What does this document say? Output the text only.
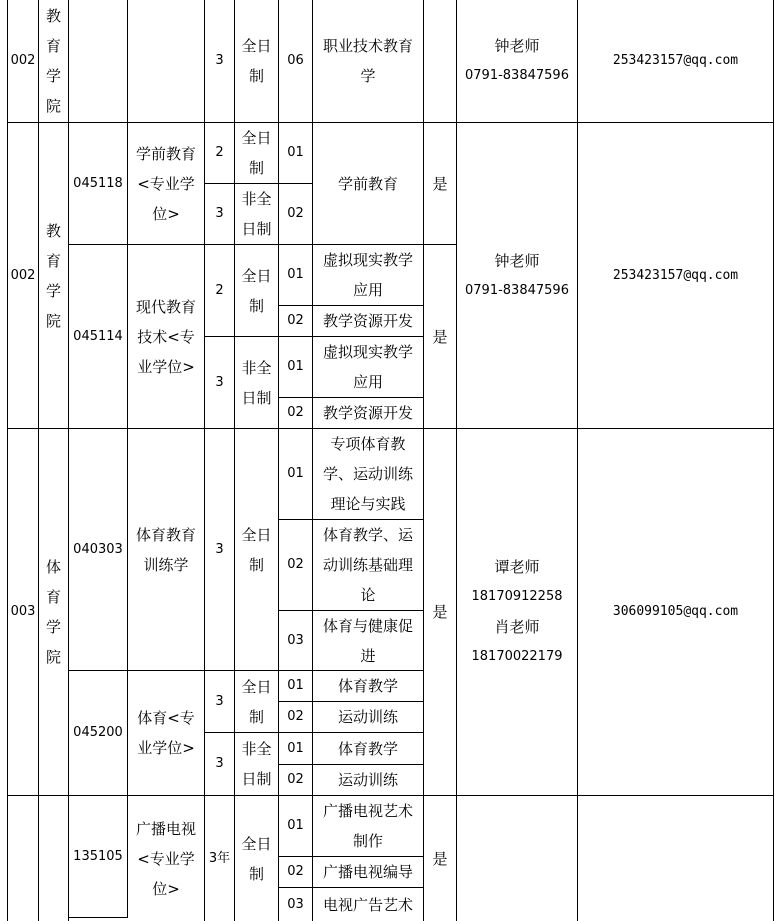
002
教育学院
3
全日制
06
职业技术教育学
钟老师
0791-83847596
253423157@qq.com
002
教育学院
045118
学前教育<专业学位>
2
全日制
01
3
非全日制
02
学前教育 是
045114
现代教育技术<专业学位>
2
全日制
01
虚拟现实教学应用
02 教学资源开发
3
非全日制
01
虚拟现实教学应用
02 教学资源开发
是
钟老师
0791-83847596
253423157@qq.com
003
体育学院
040303
体育教育训练学
3
全日制
01
专项体育教学、运动训练理论与实践
02
体育教学、运动训练基础理论
03
体育与健康促进
045200
体育<专业学位>
3
全日制
01 体育教学
02 运动训练
3
非全日制
01 体育教学
02 运动训练
是
谭老师
18170912258
肖老师
18170022179
306099105@qq.com
135105
广播电视<专业学位>
3年
全日制
01
广播电视艺术制作
02 广播电视编导
03 电视广告艺术
是
